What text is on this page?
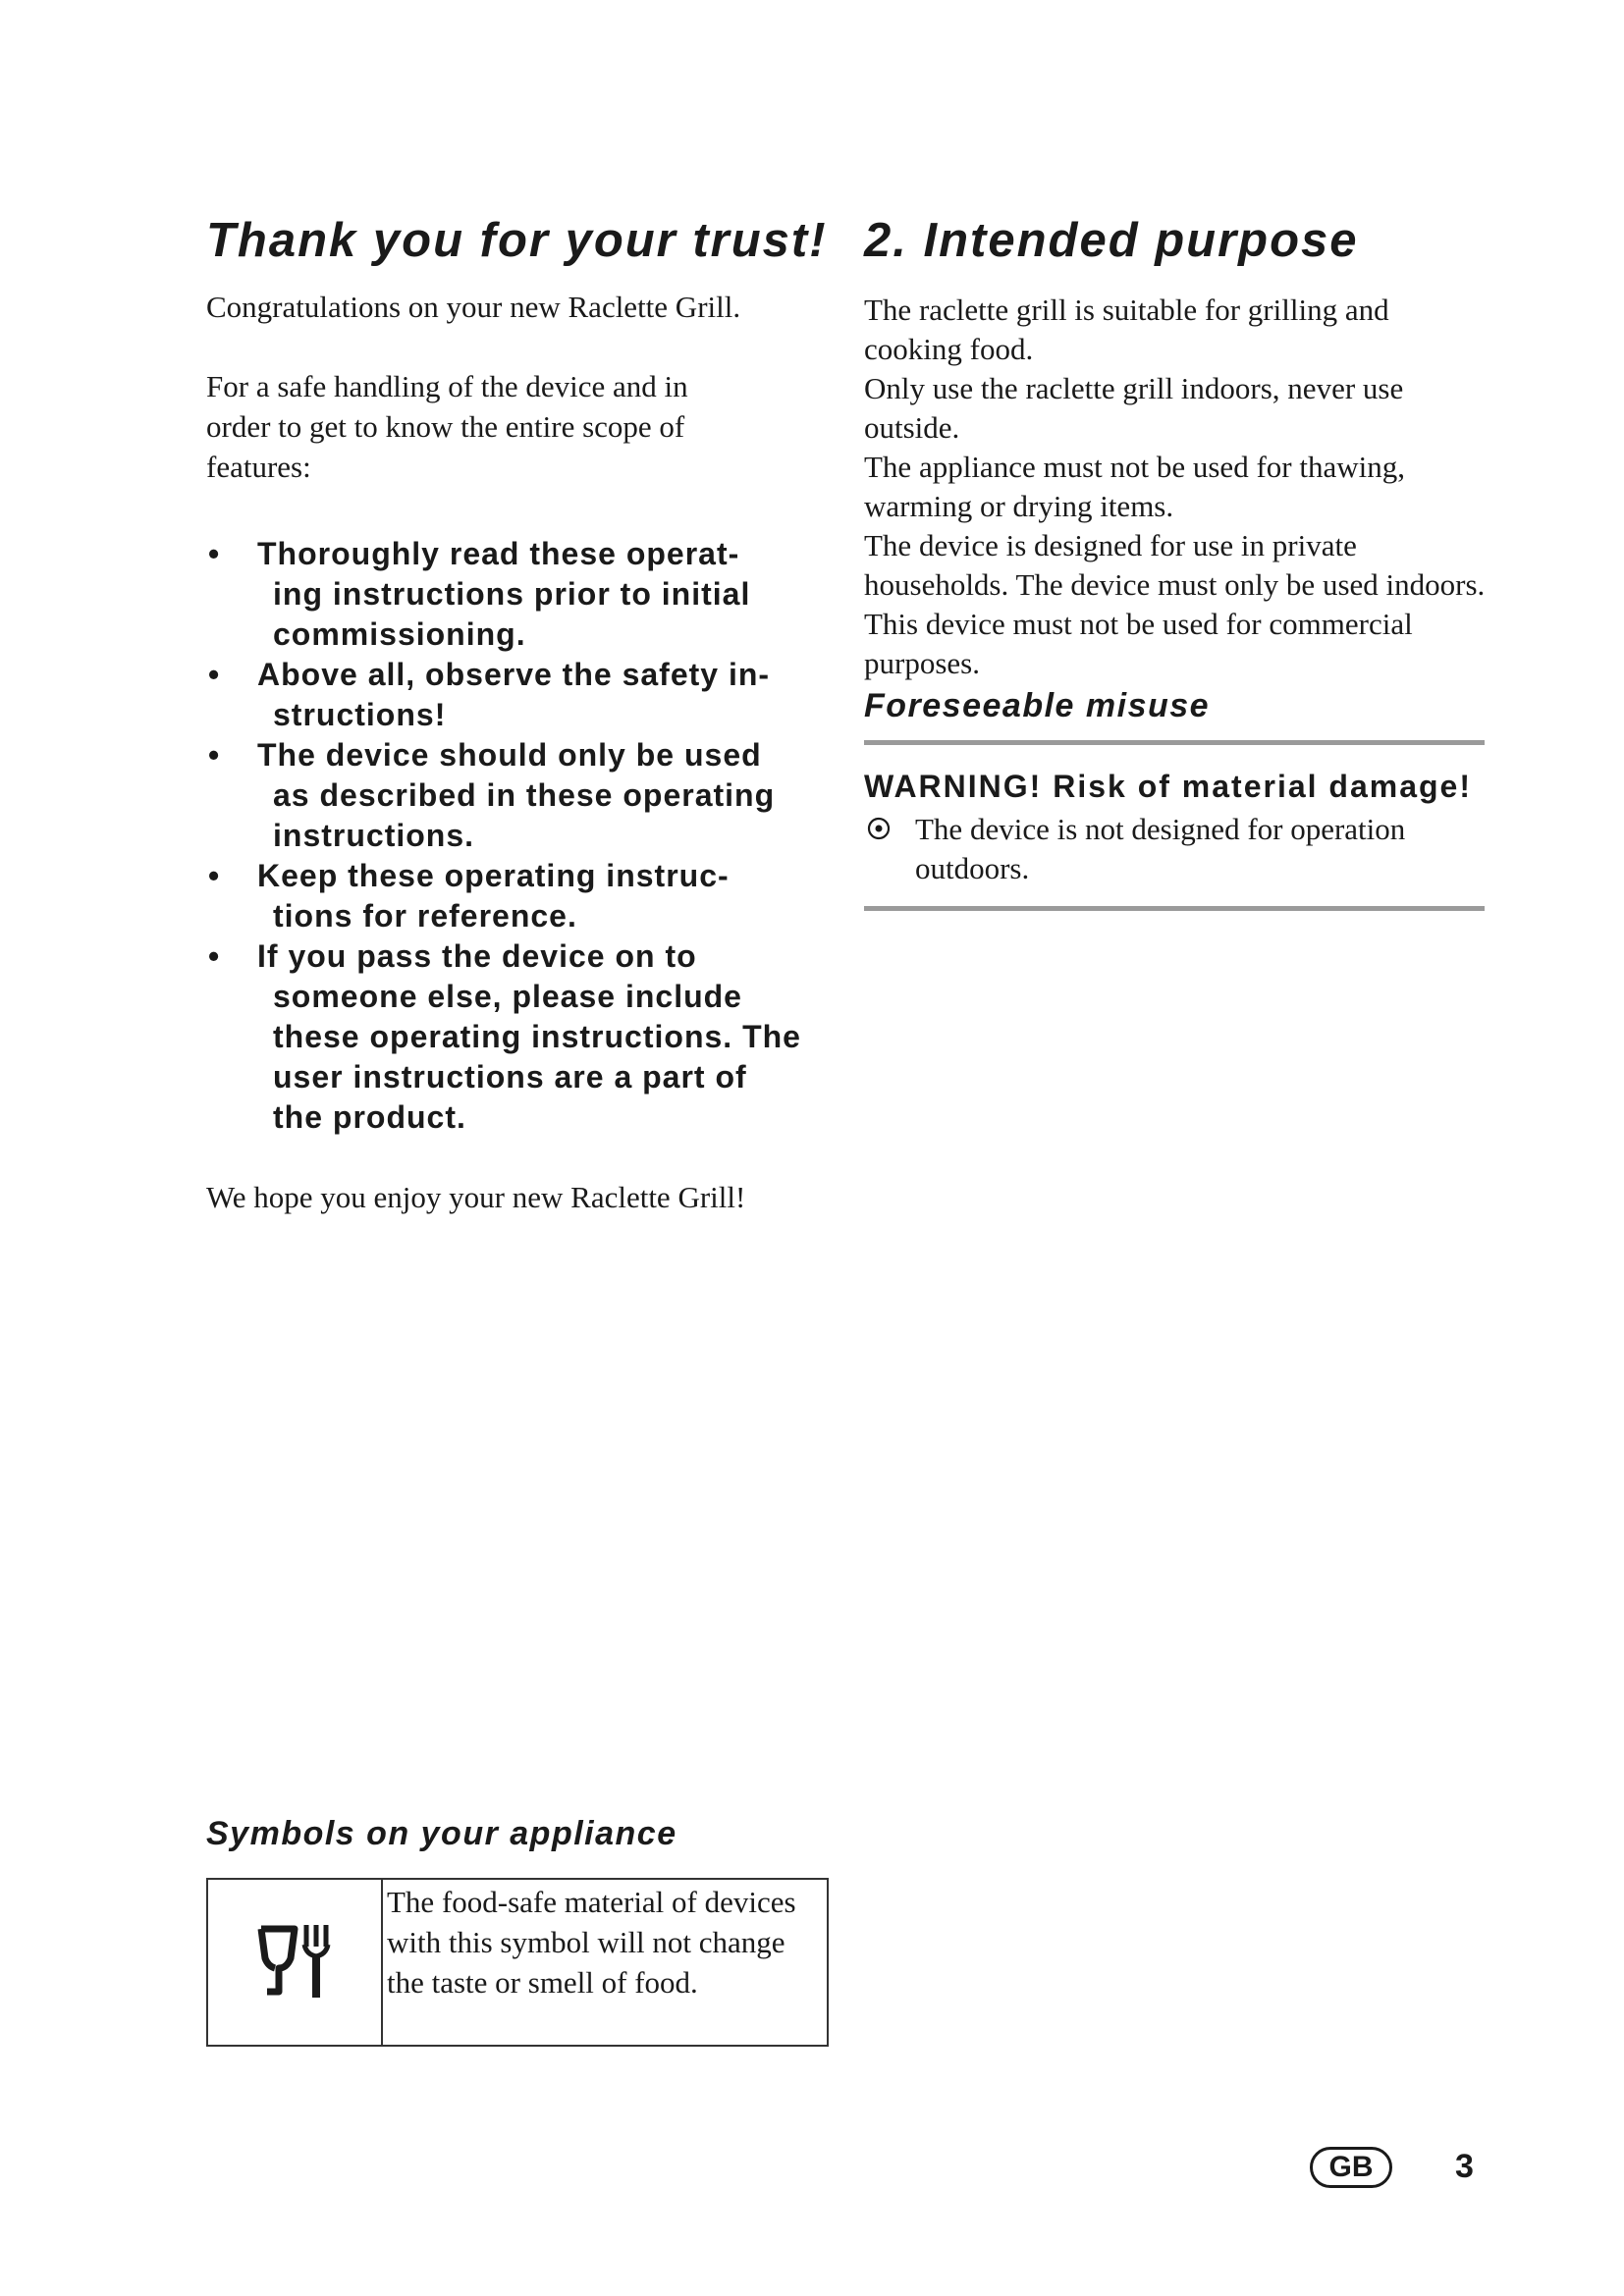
Thank you for your trust!

Congratulations on your new Raclette Grill.

For a safe handling of the device and in order to get to know the entire scope of features:

• Thoroughly read these operat-
ing instructions prior to initial
commissioning.
• Above all, observe the safety in-
structions!
• The device should only be used
as described in these operating
instructions.
• Keep these operating instruc-
tions for reference.
• If you pass the device on to
someone else, please include
these operating instructions. The
user instructions are a part of
the product.

We hope you enjoy your new Raclette Grill!

2. Intended purpose

The raclette grill is suitable for grilling and cooking food.

Only use the raclette grill indoors, never use outside.

The appliance must not be used for thawing, warming or drying items.

The device is designed for use in private households. The device must only be used indoors.

This device must not be used for commercial purposes.

Foreseeable misuse
WARNING! Risk of material damage!
The device is not designed for operation outdoors.
Symbols on your appliance
	The food-safe material of devices with this symbol will not change the taste or smell of food.
GB	3
